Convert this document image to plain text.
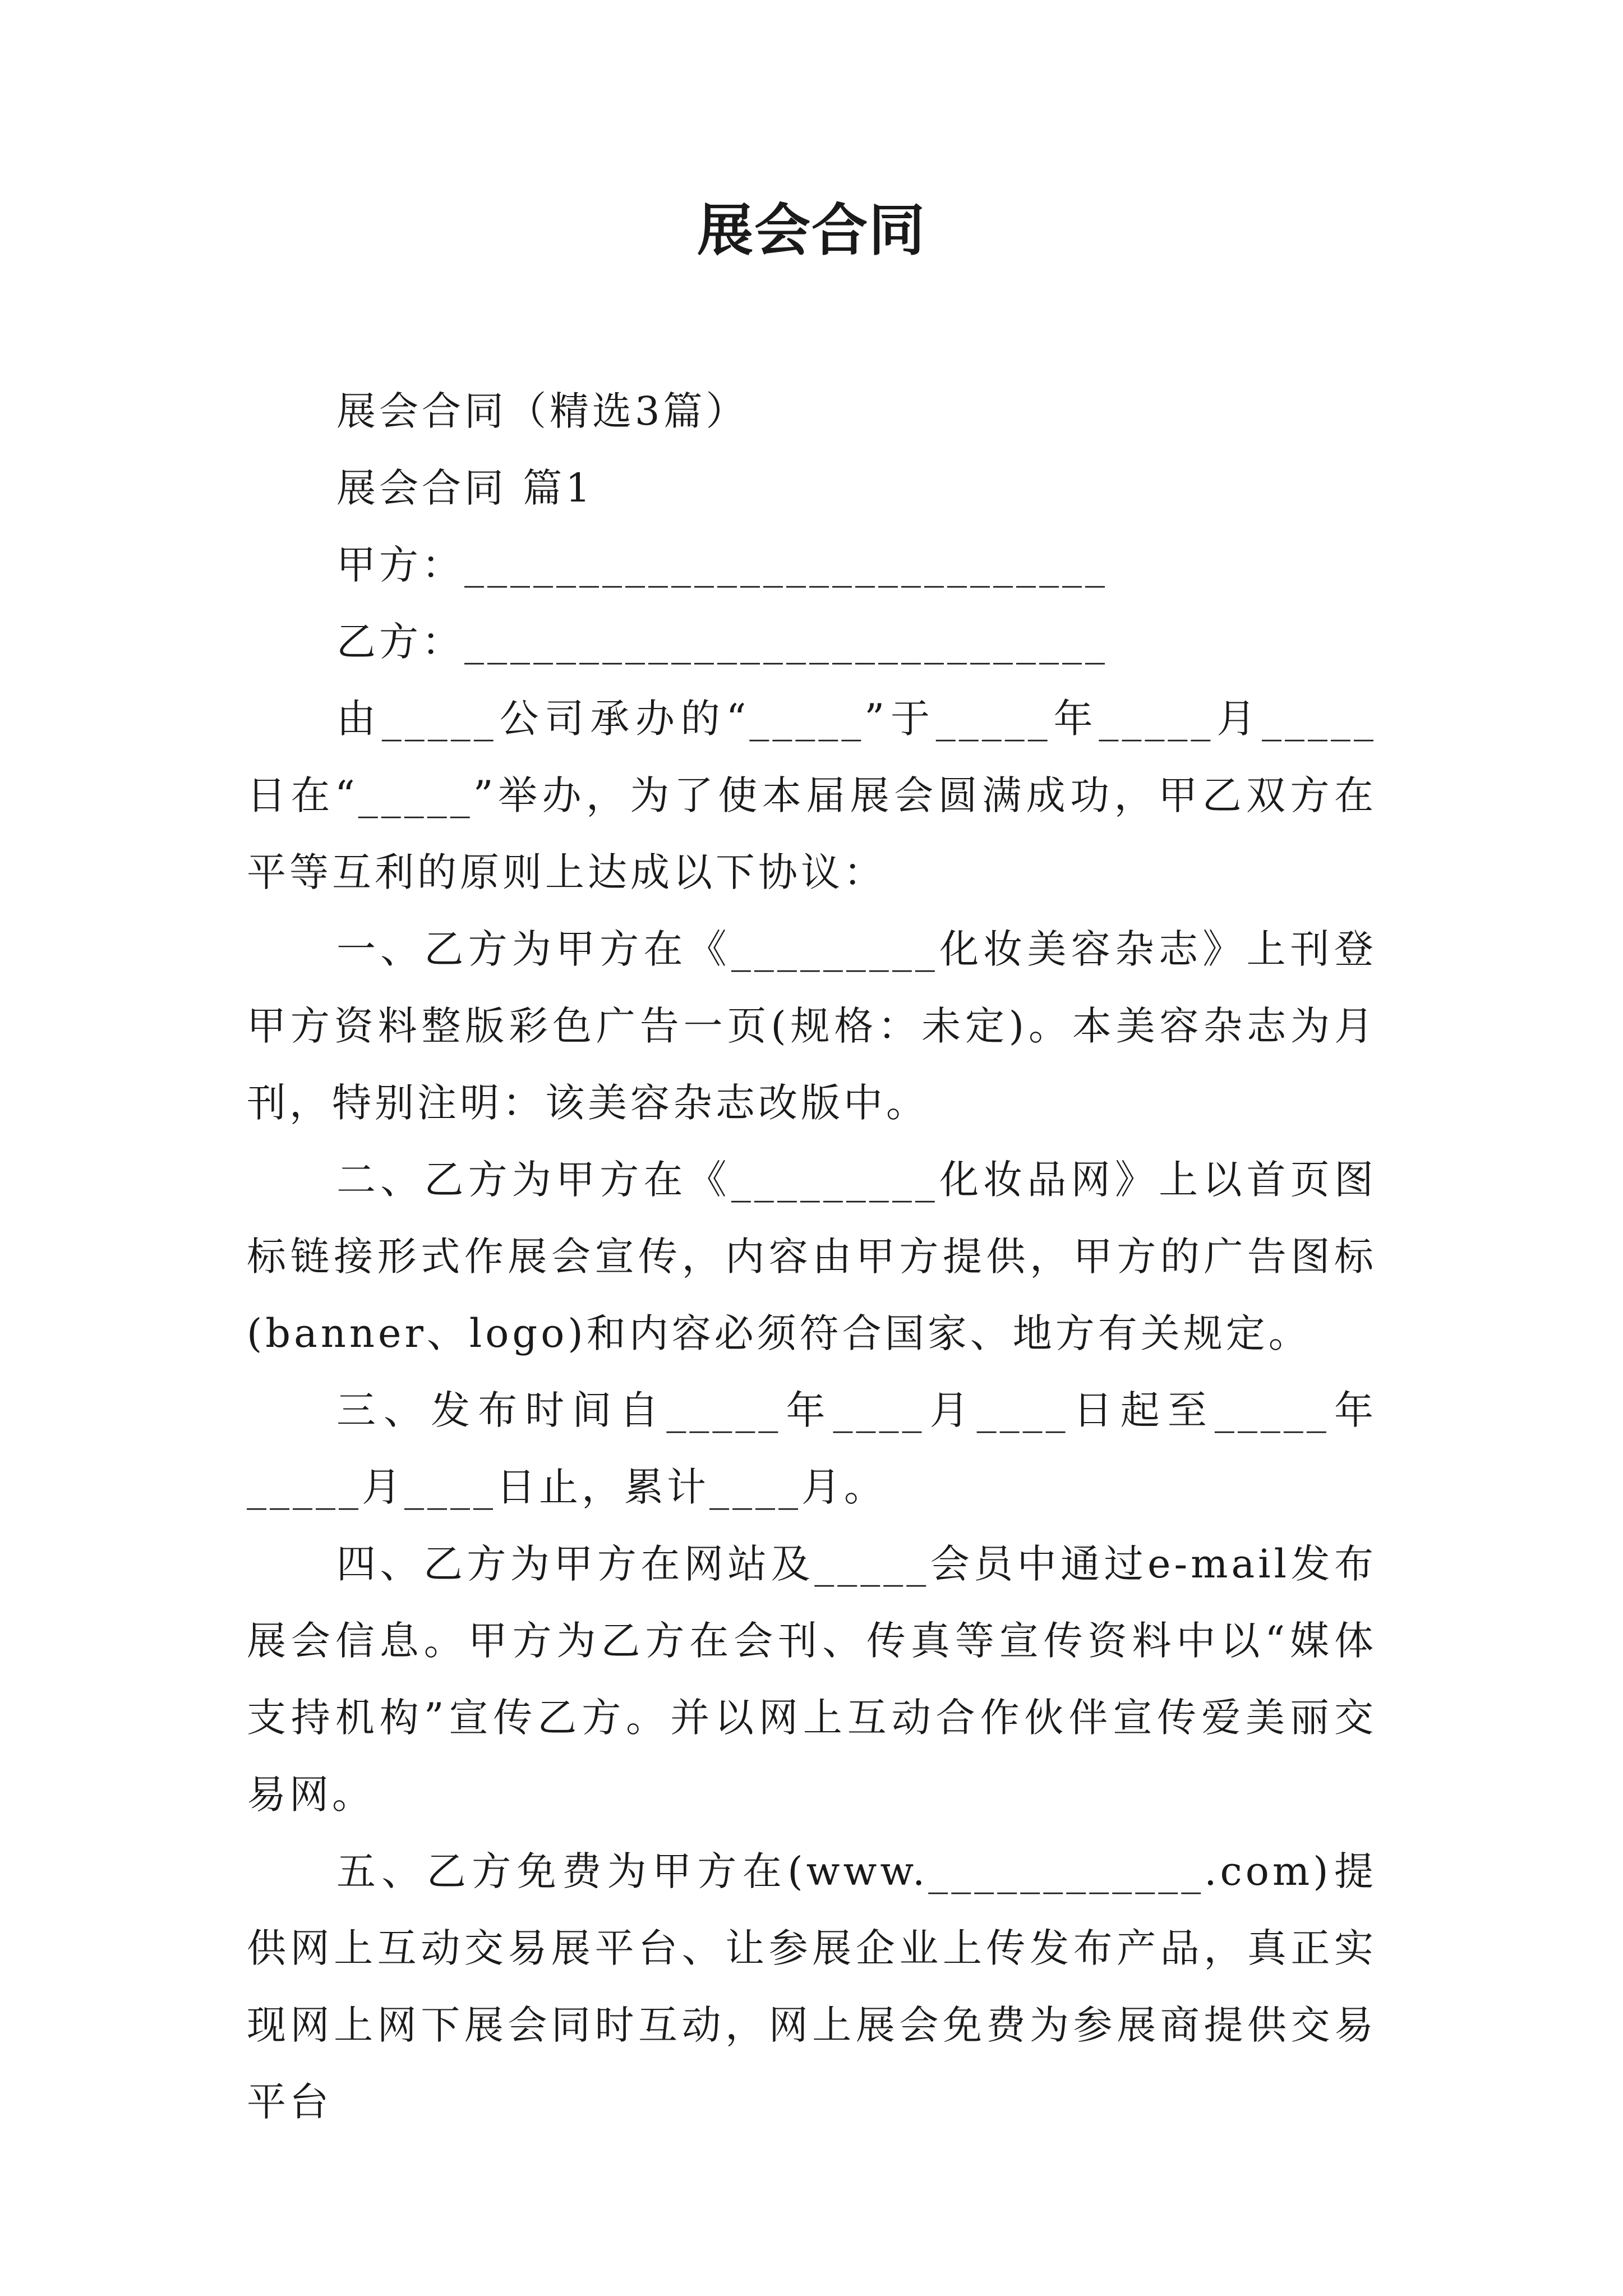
展会合同

展会合同（精选3篇）

展会合同 篇1

甲方：____________________________

乙方：____________________________

由_____公司承办的“_____”于_____年_____月_____日在“_____”举办，为了使本届展会圆满成功，甲乙双方在平等互利的原则上达成以下协议：

一、乙方为甲方在《_________化妆美容杂志》上刊登甲方资料整版彩色广告一页(规格：未定)。本美容杂志为月刊，特别注明：该美容杂志改版中。

二、乙方为甲方在《_________化妆品网》上以首页图标链接形式作展会宣传，内容由甲方提供，甲方的广告图标(banner、logo)和内容必须符合国家、地方有关规定。

三、发布时间自_____年____月____日起至_____年_____月____日止，累计____月。

四、乙方为甲方在网站及_____会员中通过e-mail发布展会信息。甲方为乙方在会刊、传真等宣传资料中以“媒体支持机构”宣传乙方。并以网上互动合作伙伴宣传爱美丽交易网。

五、乙方免费为甲方在(www.____________.com)提供网上互动交易展平台、让参展企业上传发布产品，真正实现网上网下展会同时互动，网上展会免费为参展商提供交易平台
